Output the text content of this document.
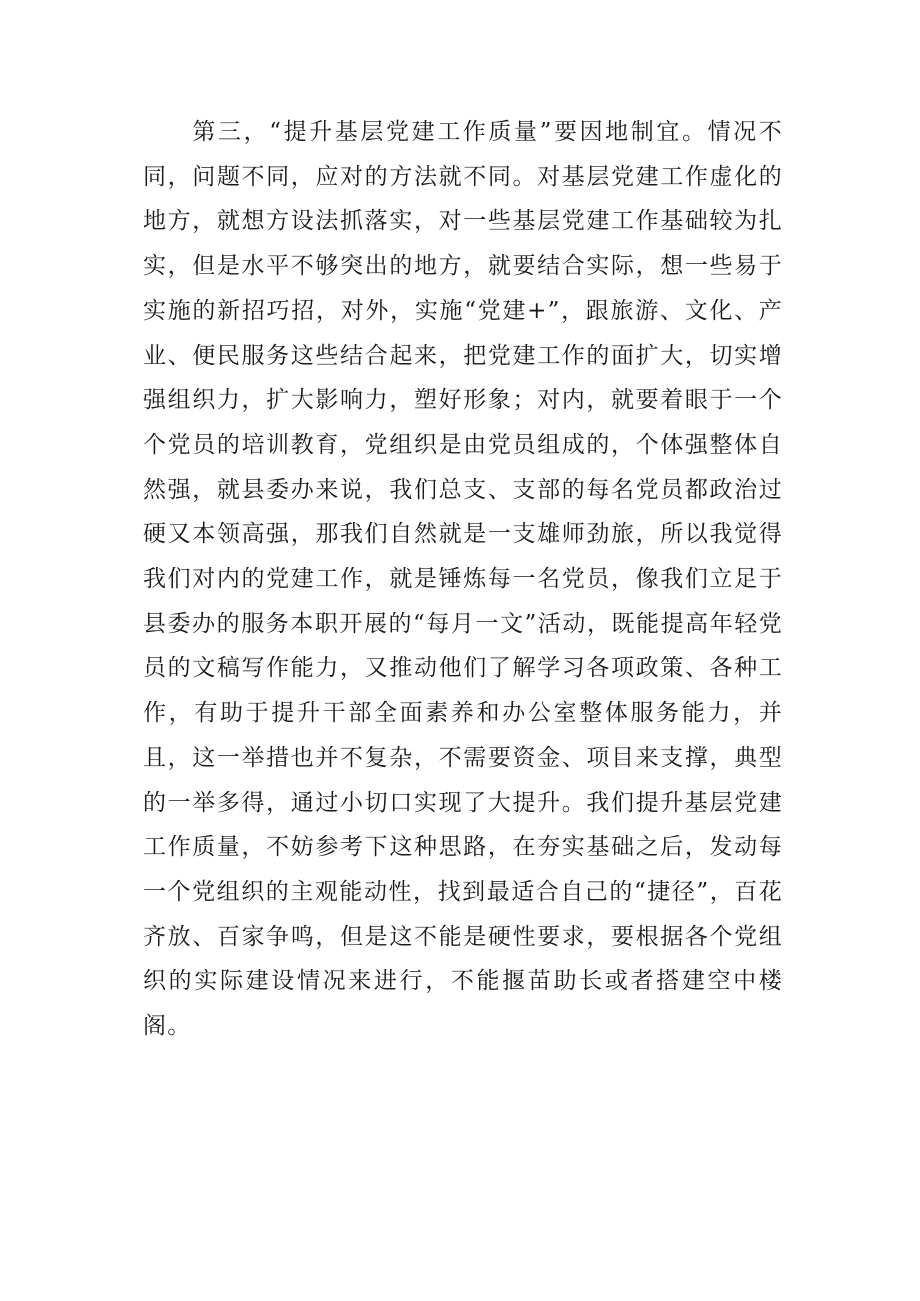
第三，“提升基层党建工作质量”要因地制宜。情况不同，问题不同，应对的方法就不同。对基层党建工作虚化的地方，就想方设法抓落实，对一些基层党建工作基础较为扎实，但是水平不够突出的地方，就要结合实际，想一些易于实施的新招巧招，对外，实施“党建+”，跟旅游、文化、产业、便民服务这些结合起来，把党建工作的面扩大，切实增强组织力，扩大影响力，塑好形象；对内，就要着眼于一个个党员的培训教育，党组织是由党员组成的，个体强整体自然强，就县委办来说，我们总支、支部的每名党员都政治过硬又本领高强，那我们自然就是一支雄师劲旅，所以我觉得我们对内的党建工作，就是锤炼每一名党员，像我们立足于县委办的服务本职开展的“每月一文”活动，既能提高年轻党员的文稿写作能力，又推动他们了解学习各项政策、各种工作，有助于提升干部全面素养和办公室整体服务能力，并且，这一举措也并不复杂，不需要资金、项目来支撑，典型的一举多得，通过小切口实现了大提升。我们提升基层党建工作质量，不妨参考下这种思路，在夯实基础之后，发动每一个党组织的主观能动性，找到最适合自己的“捷径”，百花齐放、百家争鸣，但是这不能是硬性要求，要根据各个党组织的实际建设情况来进行，不能揠苗助长或者搭建空中楼阁。
